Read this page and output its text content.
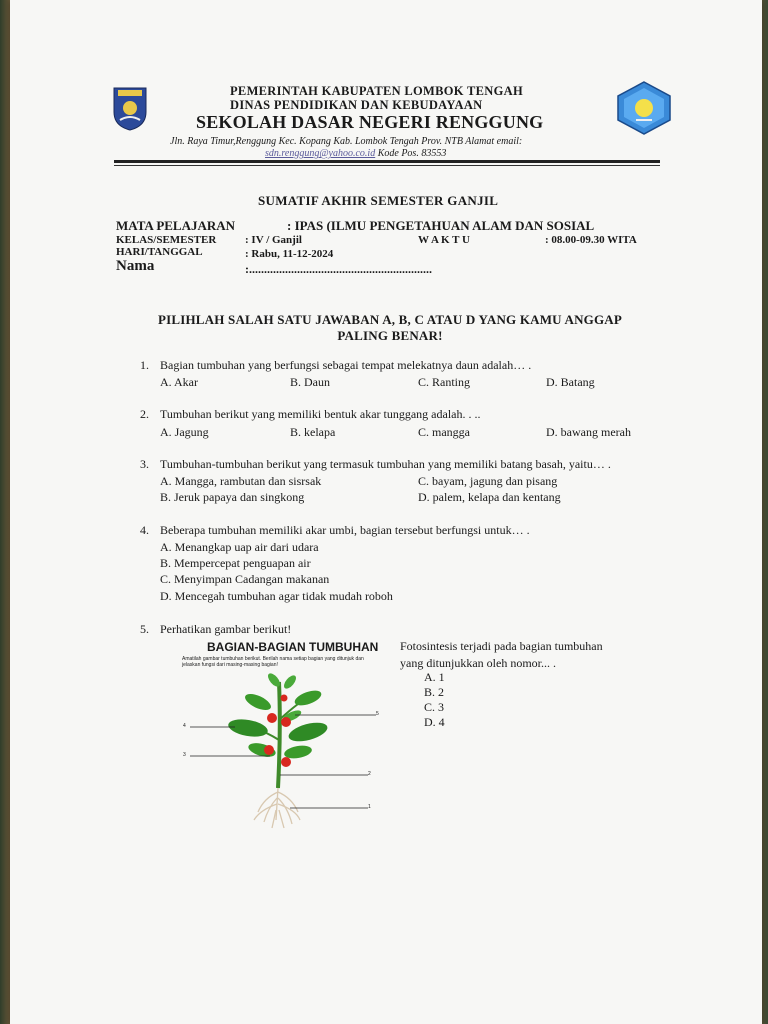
PEMERINTAH KABUPATEN LOMBOK TENGAH
DINAS PENDIDIKAN DAN KEBUDAYAAN
SEKOLAH DASAR NEGERI RENGGUNG
Jln. Raya Timur,Renggung Kec. Kopang Kab. Lombok Tengah Prov. NTB Alamat email:
sdn.renggung@yahoo.co.id Kode Pos. 83553
SUMATIF AKHIR SEMESTER GANJIL
MATA PELAJARAN	: IPAS (ILMU PENGETAHUAN ALAM DAN SOSIAL
KELAS/SEMESTER	: IV / Ganjil	W A K T U	: 08.00-09.30 WITA
HARI/TANGGAL	: Rabu, 11-12-2024
Nama	:.............................................................
PILIHLAH SALAH SATU JAWABAN A, B, C ATAU D YANG KAMU ANGGAP
PALING BENAR!
1. Bagian tumbuhan yang berfungsi sebagai tempat melekatnya daun adalah… .
A. Akar	B. Daun	C. Ranting	D. Batang
2. Tumbuhan berikut yang memiliki bentuk akar tunggang adalah. . ..
A. Jagung	B. kelapa	C. mangga	D. bawang merah
3. Tumbuhan-tumbuhan berikut yang termasuk tumbuhan yang memiliki batang basah, yaitu… .
A. Mangga, rambutan dan sisrsak	C. bayam, jagung dan pisang
B. Jeruk papaya dan singkong	D. palem, kelapa dan kentang
4. Beberapa tumbuhan memiliki akar umbi, bagian tersebut berfungsi untuk… .
A. Menangkap uap air dari udara
B. Mempercepat penguapan air
C. Menyimpan Cadangan makanan
D. Mencegah tumbuhan agar tidak mudah roboh
5. Perhatikan gambar berikut!
Fotosintesis terjadi pada bagian tumbuhan
yang ditunjukkan oleh nomor... .
A. 1
B. 2
C. 3
D. 4
BAGIAN-BAGIAN TUMBUHAN
Amatilah gambar tumbuhan berikut. Berilah nama setiap bagian yang ditunjuk dan jelaskan fungsi dari masing-masing bagian!
5
4
3
2
1
